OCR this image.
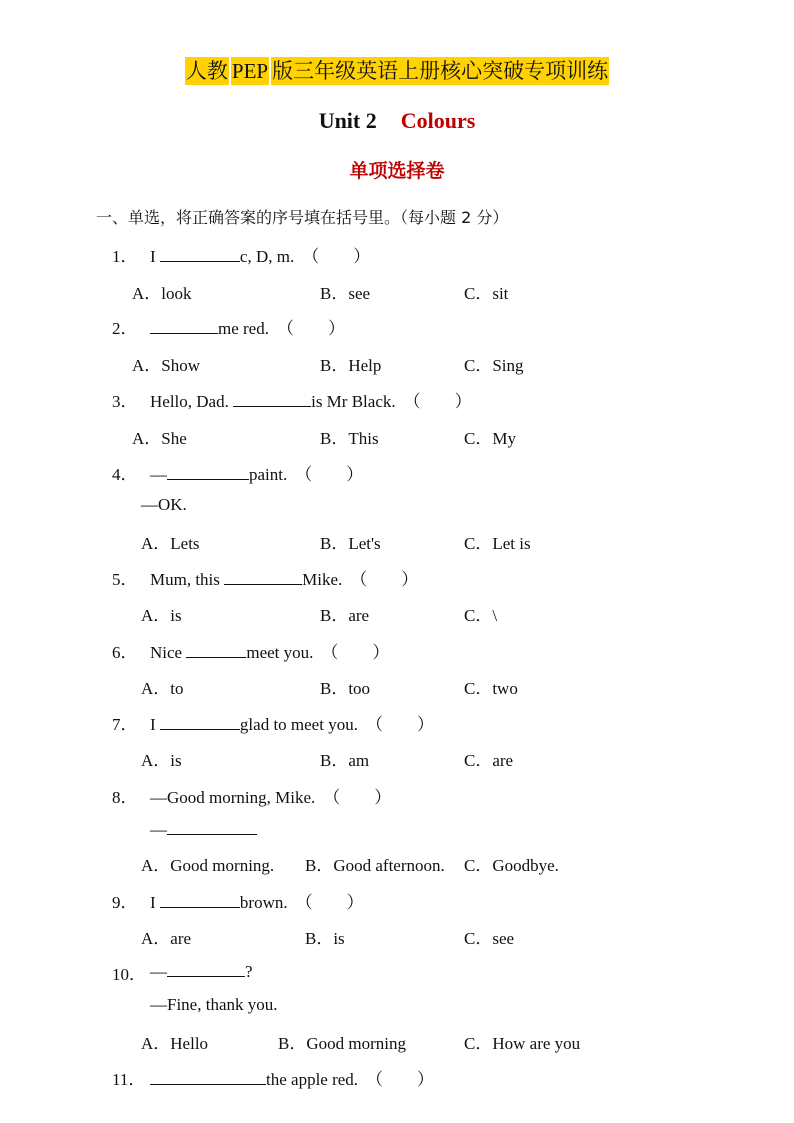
人教 PEP 版三年级英语上册核心突破专项训练
Unit 2 Colours
单项选择卷
一、单选，将正确答案的序号填在括号里。（每小题 2 分）
1． I	c, D, m. （　　）
A．look	B．see	C．sit
2．	me red. （　　）
A．Show	B．Help	C．Sing
3． Hello, Dad.	is Mr Black. （　　）
A．She	B．This	C．My
4． —	paint. （　　）
—OK.
A．Lets	B．Let's	C．Let is
5． Mum, this	Mike. （　　）
A．is	B．are	C．\
6． Nice	meet you. （　　）
A．to	B．too	C．two
7． I	glad to meet you. （　　）
A．is	B．am	C．are
8． —Good morning, Mike. （　　）
—
A．Good morning. B．Good afternoon. C．Goodbye.
9． I	brown. （　　）
A．are	B．is	C．see
10． —	?
—Fine, thank you.
A．Hello	B．Good morning	C．How are you
11．	the apple red. （　　）
